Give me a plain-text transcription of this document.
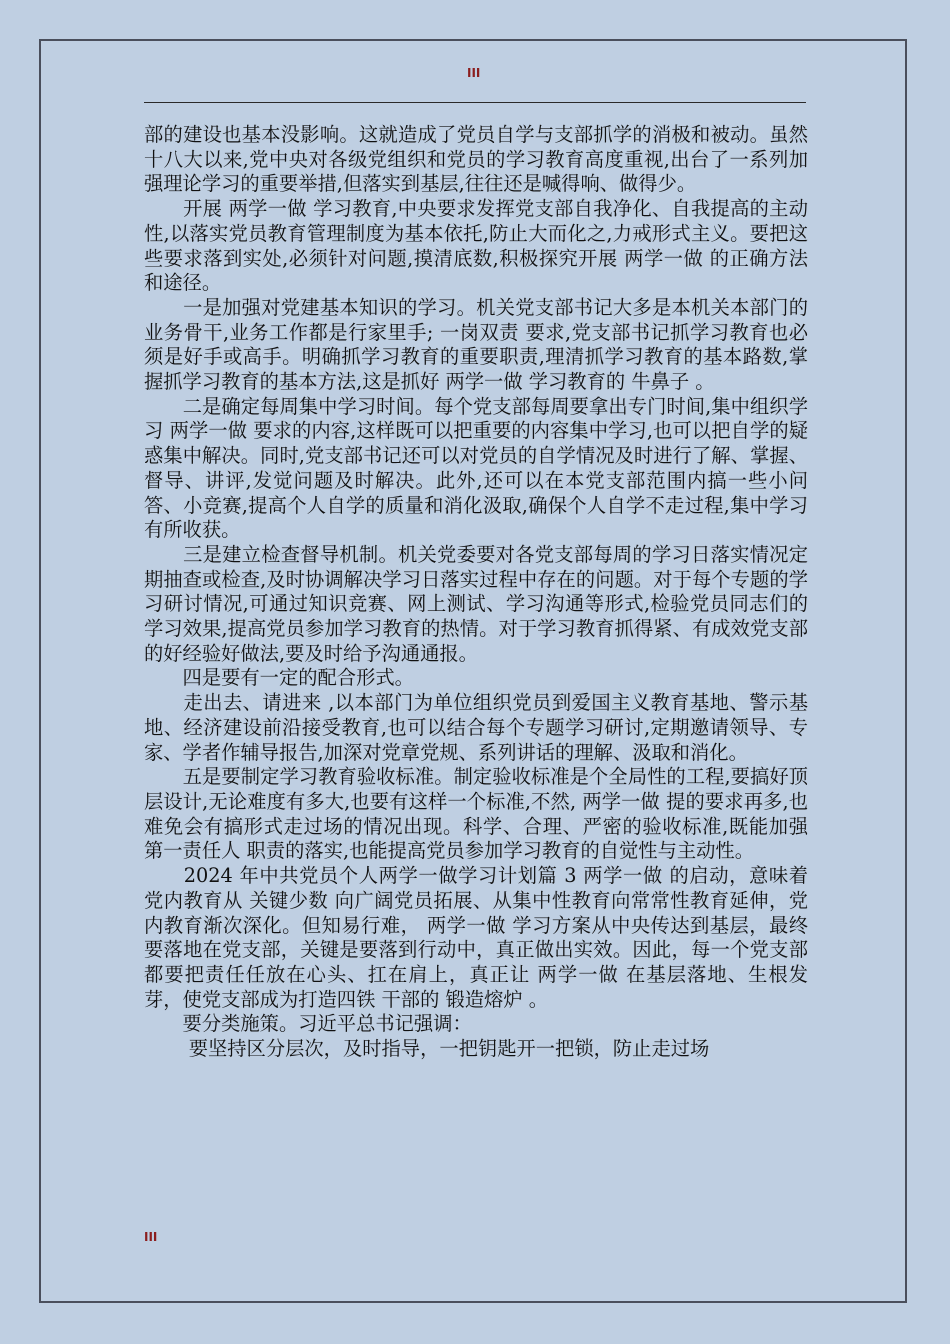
III

部的建设也基本没影响。这就造成了党员自学与支部抓学的消极和被动。虽然十八大以来,党中央对各级党组织和党员的学习教育高度重视,出台了一系列加强理论学习的重要举措,但落实到基层,往往还是喊得响、做得少。

　　开展 两学一做 学习教育,中央要求发挥党支部自我净化、自我提高的主动性,以落实党员教育管理制度为基本依托,防止大而化之,力戒形式主义。要把这些要求落到实处,必须针对问题,摸清底数,积极探究开展 两学一做 的正确方法和途径。

　　一是加强对党建基本知识的学习。机关党支部书记大多是本机关本部门的业务骨干,业务工作都是行家里手; 一岗双责 要求,党支部书记抓学习教育也必须是好手或高手。明确抓学习教育的重要职责,理清抓学习教育的基本路数,掌握抓学习教育的基本方法,这是抓好 两学一做 学习教育的 牛鼻子 。

　　二是确定每周集中学习时间。每个党支部每周要拿出专门时间,集中组织学习 两学一做 要求的内容,这样既可以把重要的内容集中学习,也可以把自学的疑惑集中解决。同时,党支部书记还可以对党员的自学情况及时进行了解、掌握、督导、讲评,发觉问题及时解决。此外,还可以在本党支部范围内搞一些小问答、小竞赛,提高个人自学的质量和消化汲取,确保个人自学不走过程,集中学习有所收获。

　　三是建立检查督导机制。机关党委要对各党支部每周的学习日落实情况定期抽查或检查,及时协调解决学习日落实过程中存在的问题。对于每个专题的学习研讨情况,可通过知识竞赛、网上测试、学习沟通等形式,检验党员同志们的学习效果,提高党员参加学习教育的热情。对于学习教育抓得紧、有成效党支部的好经验好做法,要及时给予沟通通报。

　　四是要有一定的配合形式。

　　走出去、请进来 ,以本部门为单位组织党员到爱国主义教育基地、警示基地、经济建设前沿接受教育,也可以结合每个专题学习研讨,定期邀请领导、专家、学者作辅导报告,加深对党章党规、系列讲话的理解、汲取和消化。

　　五是要制定学习教育验收标准。制定验收标准是个全局性的工程,要搞好顶层设计,无论难度有多大,也要有这样一个标准,不然, 两学一做 提的要求再多,也难免会有搞形式走过场的情况出现。科学、合理、严密的验收标准,既能加强 第一责任人 职责的落实,也能提高党员参加学习教育的自觉性与主动性。

　　2024 年中共党员个人两学一做学习计划篇 3 两学一做 的启动，意味着党内教育从 关键少数 向广阔党员拓展、从集中性教育向常常性教育延伸，党内教育渐次深化。但知易行难， 两学一做 学习方案从中央传达到基层，最终要落地在党支部，关键是要落到行动中，真正做出实效。因此，每一个党支部都要把责任任放在心头、扛在肩上，真正让 两学一做 在基层落地、生根发芽，使党支部成为打造四铁 干部的 锻造熔炉 。

　　要分类施策。习近平总书记强调：

　　 要坚持区分层次，及时指导，一把钥匙开一把锁，防止走过场

III
